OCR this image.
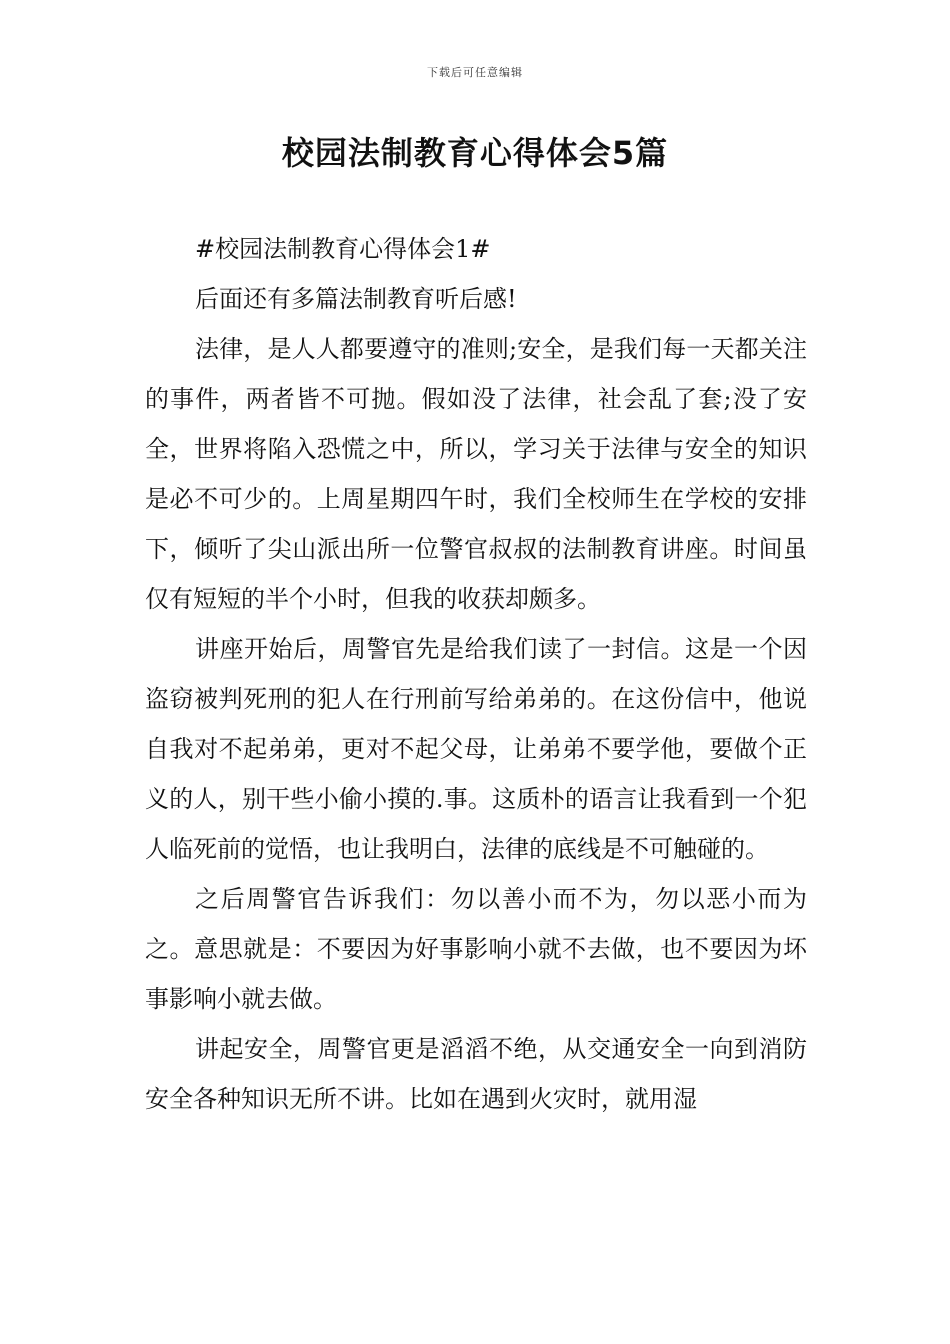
下载后可任意编辑
校园法制教育心得体会5篇

#校园法制教育心得体会1#

后面还有多篇法制教育听后感!

法律，是人人都要遵守的准则;安全，是我们每一天都关注的事件，两者皆不可抛。假如没了法律，社会乱了套;没了安全，世界将陷入恐慌之中，所以，学习关于法律与安全的知识是必不可少的。上周星期四午时，我们全校师生在学校的安排下，倾听了尖山派出所一位警官叔叔的法制教育讲座。时间虽仅有短短的半个小时，但我的收获却颇多。

讲座开始后，周警官先是给我们读了一封信。这是一个因盗窃被判死刑的犯人在行刑前写给弟弟的。在这份信中，他说自我对不起弟弟，更对不起父母，让弟弟不要学他，要做个正义的人，别干些小偷小摸的.事。这质朴的语言让我看到一个犯人临死前的觉悟，也让我明白，法律的底线是不可触碰的。

之后周警官告诉我们：勿以善小而不为，勿以恶小而为之。意思就是：不要因为好事影响小就不去做，也不要因为坏事影响小就去做。

讲起安全，周警官更是滔滔不绝，从交通安全一向到消防安全各种知识无所不讲。比如在遇到火灾时，就用湿
